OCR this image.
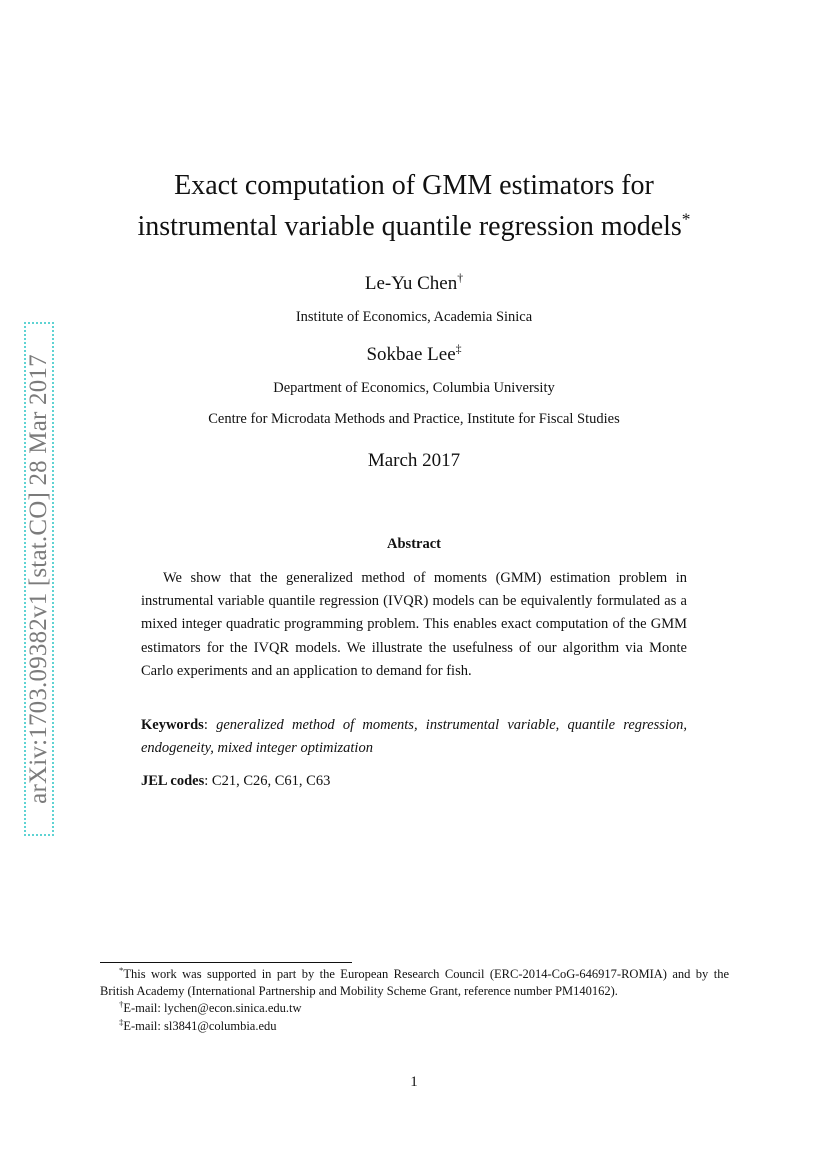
arXiv:1703.09382v1 [stat.CO] 28 Mar 2017
Exact computation of GMM estimators for
instrumental variable quantile regression models*
Le-Yu Chen†
Institute of Economics, Academia Sinica
Sokbae Lee‡
Department of Economics, Columbia University
Centre for Microdata Methods and Practice, Institute for Fiscal Studies
March 2017
Abstract

We show that the generalized method of moments (GMM) estimation problem in instrumental variable quantile regression (IVQR) models can be equivalently formulated as a mixed integer quadratic programming problem. This enables exact computation of the GMM estimators for the IVQR models. We illustrate the usefulness of our algorithm via Monte Carlo experiments and an application to demand for fish.

Keywords: generalized method of moments, instrumental variable, quantile regression, endogeneity, mixed integer optimization
JEL codes: C21, C26, C61, C63

*This work was supported in part by the European Research Council (ERC-2014-CoG-646917-ROMIA) and by the British Academy (International Partnership and Mobility Scheme Grant, reference number PM140162).

†E-mail: lychen@econ.sinica.edu.tw

‡E-mail: sl3841@columbia.edu

1
